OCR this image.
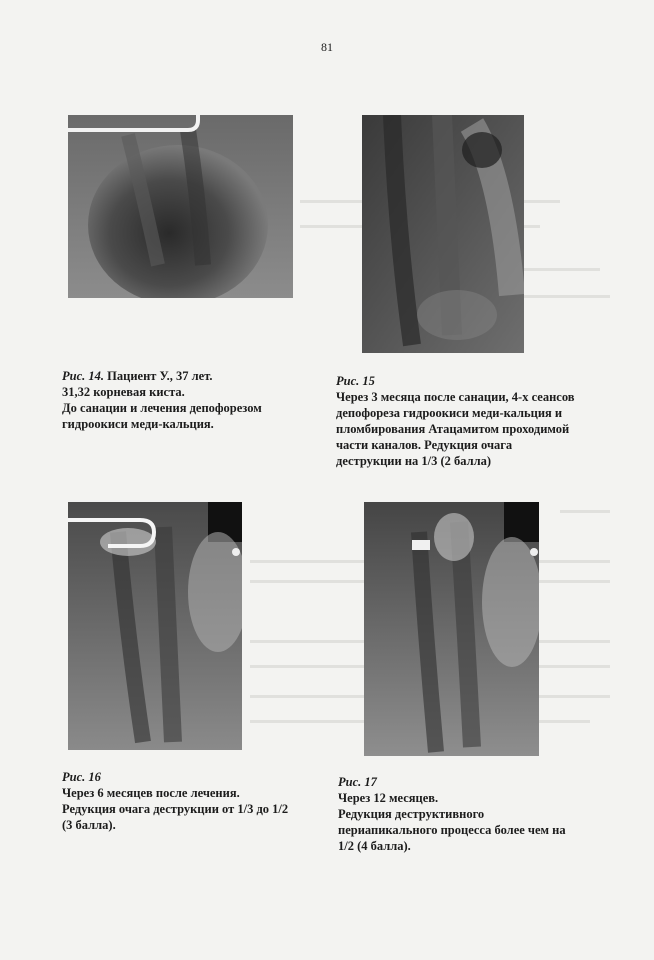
81
Рис. 14. Пациент У., 37 лет.
31,32 корневая киста.
До санации и лечения депофорезом
гидроокиси меди-кальция.
Рис. 15
Через 3 месяца после санации, 4-х сеансов
депофореза гидроокиси меди-кальция и
пломбирования Атацамитом проходимой
части каналов. Редукция очага
деструкции на 1/3 (2 балла)
Рис. 16
Через 6 месяцев после лечения.
Редукция очага деструкции от 1/3 до 1/2
(3 балла).
Рис. 17
Через 12 месяцев.
Редукция деструктивного
периапикального процесса более чем на
1/2 (4 балла).
